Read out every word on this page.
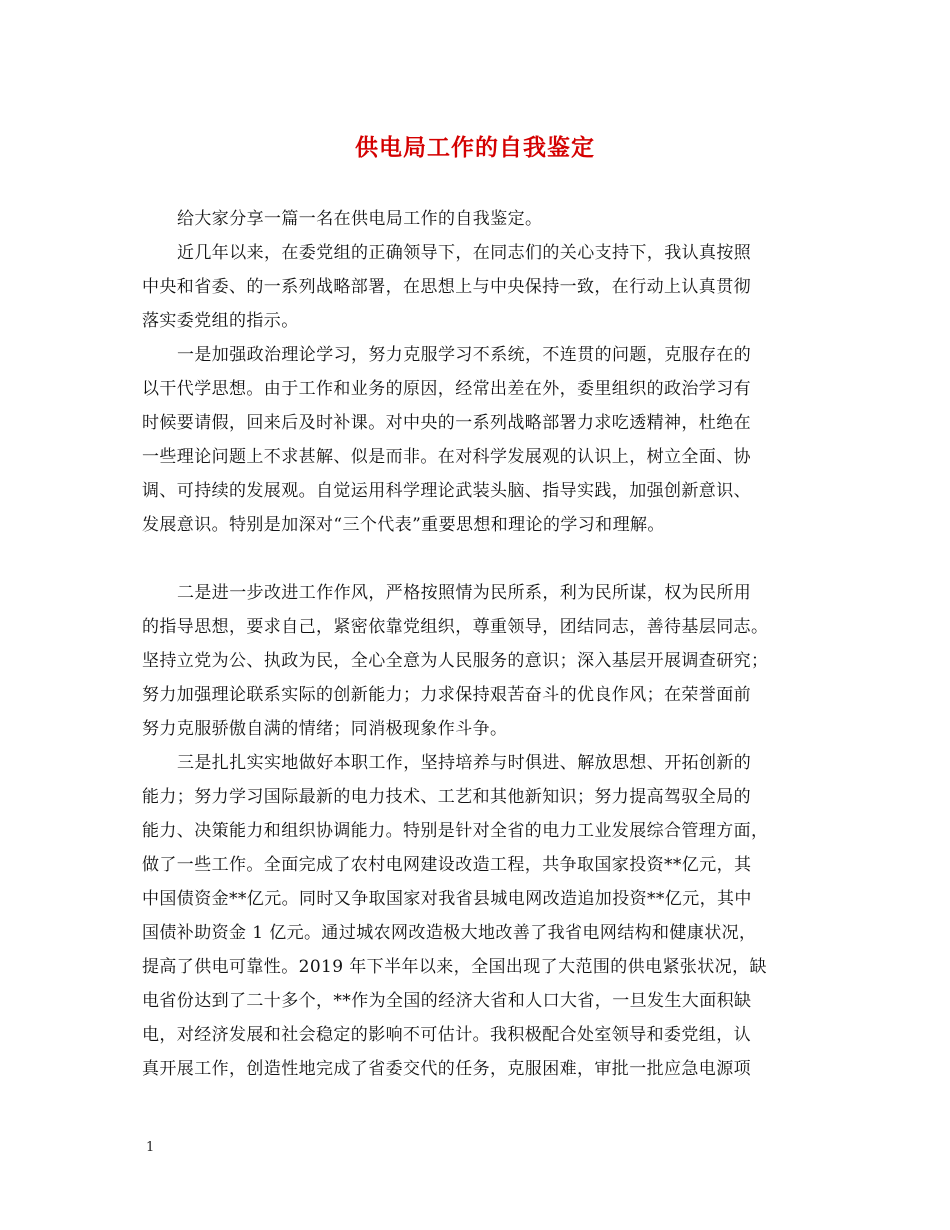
供电局工作的自我鉴定
给大家分享一篇一名在供电局工作的自我鉴定。
近几年以来，在委党组的正确领导下，在同志们的关心支持下，我认真按照
中央和省委、的一系列战略部署，在思想上与中央保持一致，在行动上认真贯彻
落实委党组的指示。
一是加强政治理论学习，努力克服学习不系统，不连贯的问题，克服存在的
以干代学思想。由于工作和业务的原因，经常出差在外，委里组织的政治学习有
时候要请假，回来后及时补课。对中央的一系列战略部署力求吃透精神，杜绝在
一些理论问题上不求甚解、似是而非。在对科学发展观的认识上，树立全面、协
调、可持续的发展观。自觉运用科学理论武装头脑、指导实践，加强创新意识、
发展意识。特别是加深对“三个代表”重要思想和理论的学习和理解。
二是进一步改进工作作风，严格按照情为民所系，利为民所谋，权为民所用
的指导思想，要求自己，紧密依靠党组织，尊重领导，团结同志，善待基层同志。
坚持立党为公、执政为民，全心全意为人民服务的意识；深入基层开展调查研究；
努力加强理论联系实际的创新能力；力求保持艰苦奋斗的优良作风；在荣誉面前
努力克服骄傲自满的情绪；同消极现象作斗争。
三是扎扎实实地做好本职工作，坚持培养与时俱进、解放思想、开拓创新的
能力；努力学习国际最新的电力技术、工艺和其他新知识；努力提高驾驭全局的
能力、决策能力和组织协调能力。特别是针对全省的电力工业发展综合管理方面，
做了一些工作。全面完成了农村电网建设改造工程，共争取国家投资**亿元，其
中国债资金**亿元。同时又争取国家对我省县城电网改造追加投资**亿元，其中
国债补助资金 1 亿元。通过城农网改造极大地改善了我省电网结构和健康状况，
提高了供电可靠性。2019 年下半年以来，全国出现了大范围的供电紧张状况，缺
电省份达到了二十多个，**作为全国的经济大省和人口大省，一旦发生大面积缺
电，对经济发展和社会稳定的影响不可估计。我积极配合处室领导和委党组，认
真开展工作，创造性地完成了省委交代的任务，克服困难，审批一批应急电源项
1
